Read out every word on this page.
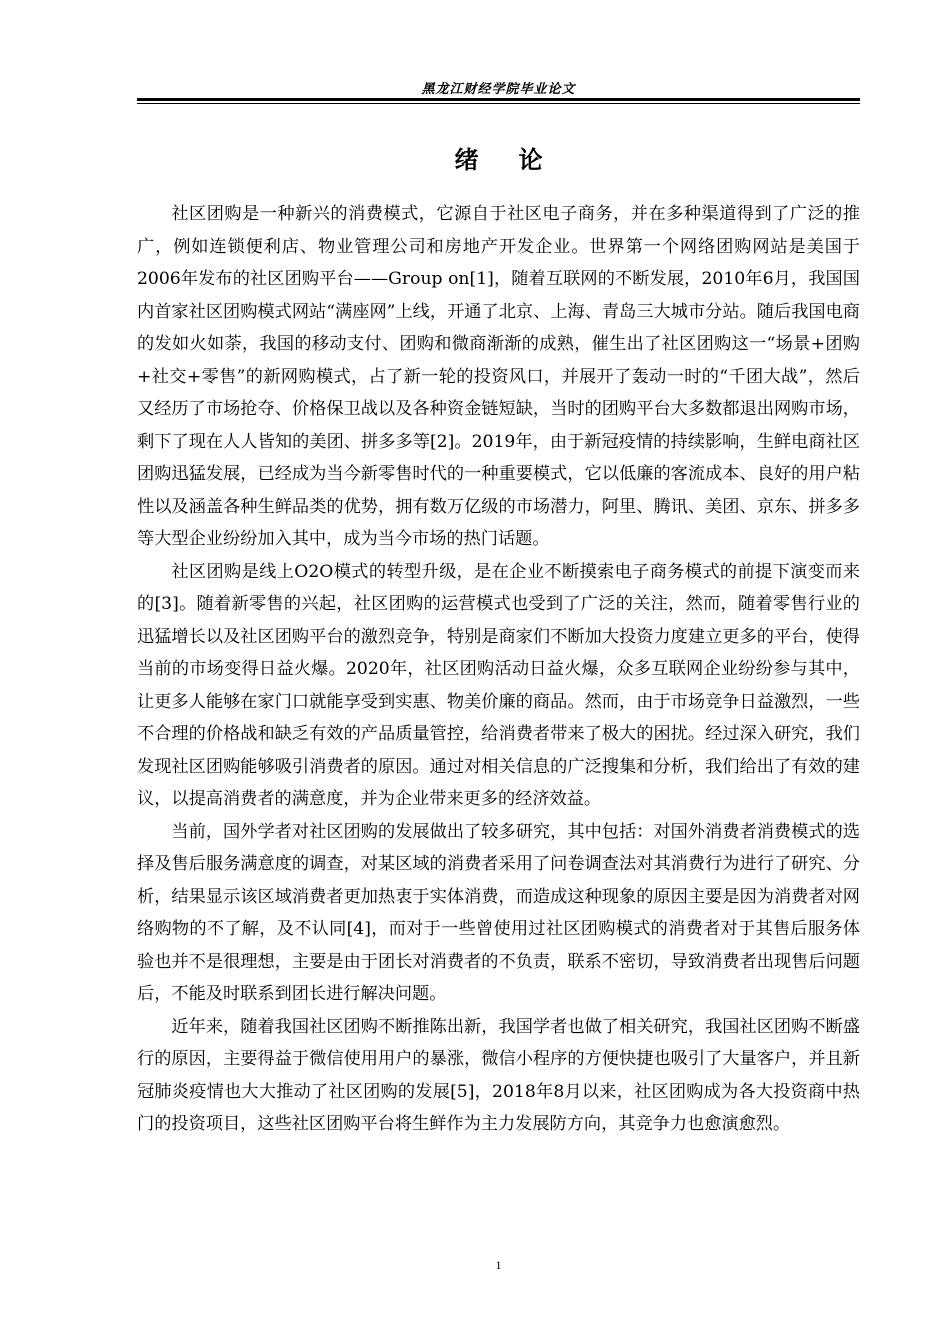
黑龙江财经学院毕业论文
绪论

社区团购是一种新兴的消费模式，它源自于社区电子商务，并在多种渠道得到了广泛的推广，例如连锁便利店、物业管理公司和房地产开发企业。世界第一个网络团购网站是美国于2006年发布的社区团购平台——Group on[1]，随着互联网的不断发展，2010年6月，我国国内首家社区团购模式网站“满座网”上线，开通了北京、上海、青岛三大城市分站。随后我国电商的发如火如荼，我国的移动支付、团购和微商渐渐的成熟，催生出了社区团购这一“场景+团购+社交+零售”的新网购模式，占了新一轮的投资风口，并展开了轰动一时的“千团大战”，然后又经历了市场抢夺、价格保卫战以及各种资金链短缺，当时的团购平台大多数都退出网购市场，剩下了现在人人皆知的美团、拼多多等[2]。2019年，由于新冠疫情的持续影响，生鲜电商社区团购迅猛发展，已经成为当今新零售时代的一种重要模式，它以低廉的客流成本、良好的用户粘性以及涵盖各种生鲜品类的优势，拥有数万亿级的市场潜力，阿里、腾讯、美团、京东、拼多多等大型企业纷纷加入其中，成为当今市场的热门话题。

社区团购是线上O2O模式的转型升级，是在企业不断摸索电子商务模式的前提下演变而来的[3]。随着新零售的兴起，社区团购的运营模式也受到了广泛的关注，然而，随着零售行业的迅猛增长以及社区团购平台的激烈竞争，特别是商家们不断加大投资力度建立更多的平台，使得当前的市场变得日益火爆。2020年，社区团购活动日益火爆，众多互联网企业纷纷参与其中，让更多人能够在家门口就能享受到实惠、物美价廉的商品。然而，由于市场竞争日益激烈，一些不合理的价格战和缺乏有效的产品质量管控，给消费者带来了极大的困扰。经过深入研究，我们发现社区团购能够吸引消费者的原因。通过对相关信息的广泛搜集和分析，我们给出了有效的建议，以提高消费者的满意度，并为企业带来更多的经济效益。

当前，国外学者对社区团购的发展做出了较多研究，其中包括：对国外消费者消费模式的选择及售后服务满意度的调查，对某区域的消费者采用了问卷调查法对其消费行为进行了研究、分析，结果显示该区域消费者更加热衷于实体消费，而造成这种现象的原因主要是因为消费者对网络购物的不了解，及不认同[4]，而对于一些曾使用过社区团购模式的消费者对于其售后服务体验也并不是很理想，主要是由于团长对消费者的不负责，联系不密切，导致消费者出现售后问题后，不能及时联系到团长进行解决问题。

近年来，随着我国社区团购不断推陈出新，我国学者也做了相关研究，我国社区团购不断盛行的原因，主要得益于微信使用用户的暴涨，微信小程序的方便快捷也吸引了大量客户，并且新冠肺炎疫情也大大推动了社区团购的发展[5]，2018年8月以来，社区团购成为各大投资商中热门的投资项目，这些社区团购平台将生鲜作为主力发展防方向，其竞争力也愈演愈烈。

1
